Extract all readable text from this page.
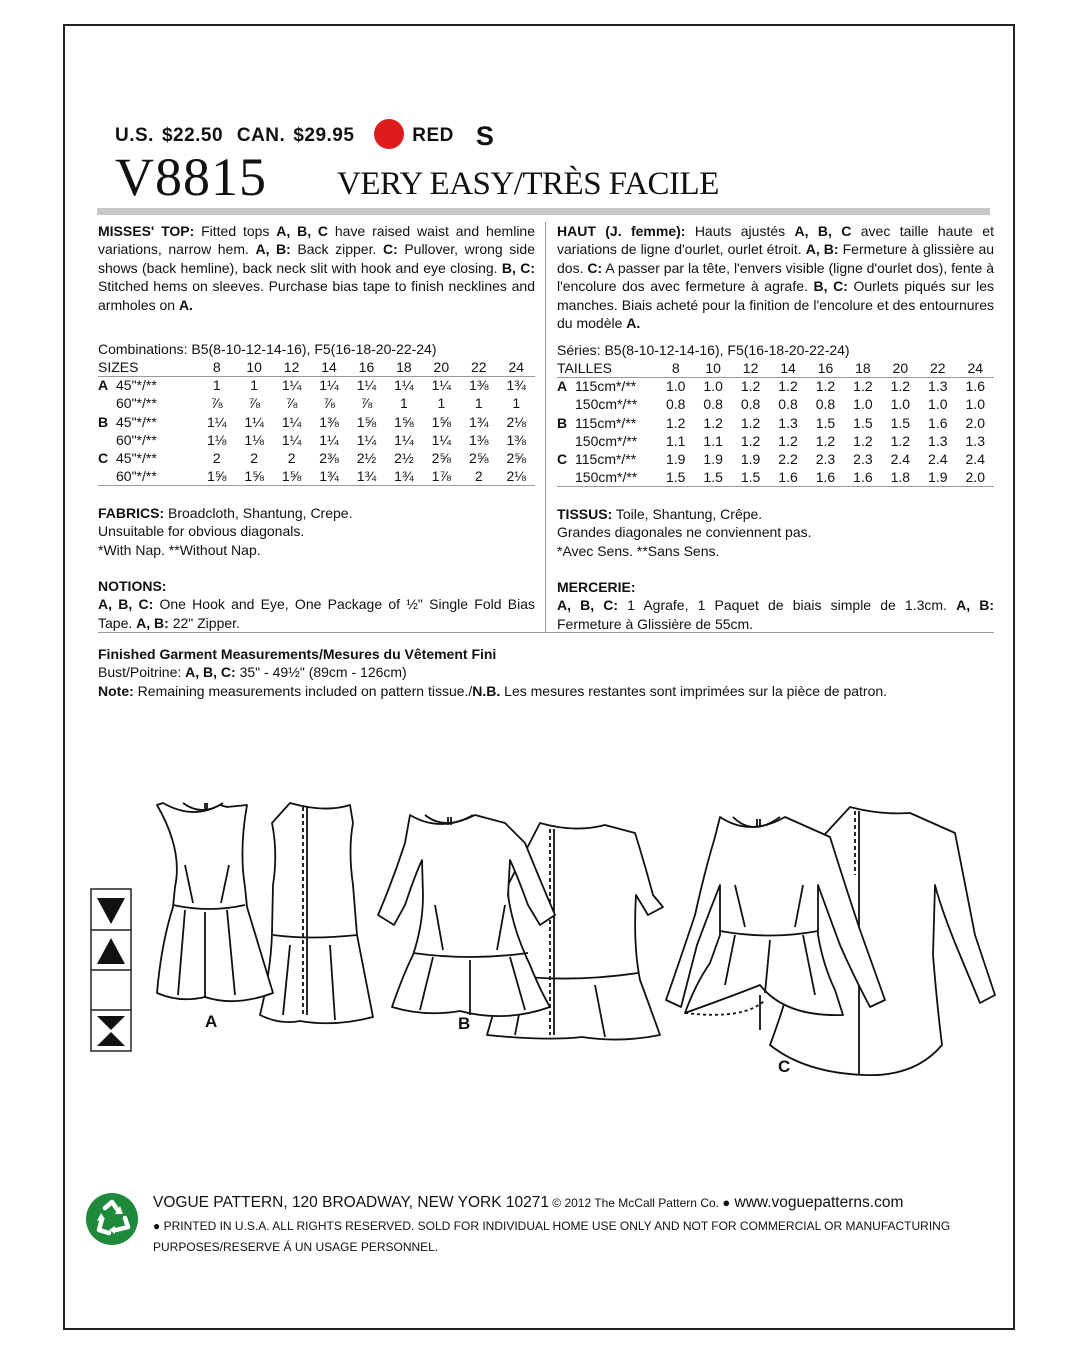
U.S. $22.50 CAN. $29.95	RED S
V8815 VERY EASY/TRÈS FACILE
MISSES' TOP: Fitted tops A, B, C have raised waist and hemline variations, narrow hem. A, B: Back zipper. C: Pullover, wrong side shows (back hemline), back neck slit with hook and eye closing. B, C: Stitched hems on sleeves. Purchase bias tape to finish necklines and armholes on A.
HAUT (J. femme): Hauts ajustés A, B, C avec taille haute et variations de ligne d'ourlet, ourlet étroit. A, B: Fermeture à glissière au dos. C: A passer par la tête, l'envers visible (ligne d'ourlet dos), fente à l'encolure dos avec fermeture à agrafe. B, C: Ourlets piqués sur les manches. Biais acheté pour la finition de l'encolure et des entournures du modèle A.
Combinations: B5(8-10-12-14-16), F5(16-18-20-22-24)	Séries: B5(8-10-12-14-16), F5(16-18-20-22-24)
SIZES		8	10	12	14	16	18	20	22	24
A	45"*/**	1	1	1¼	1¼	1¼	1¼	1¼	1⅜	1¾
	60"*/**	⅞	⅞	⅞	⅞	⅞	1	1	1	1
B	45"*/**	1¼	1¼	1¼	1⅜	1⅝	1⅝	1⅝	1¾	2⅛
	60"*/**	1⅛	1⅛	1¼	1¼	1¼	1¼	1¼	1⅜	1⅜
C	45"*/**	2	2	2	2⅜	2½	2½	2⅝	2⅝	2⅝
	60"*/**	1⅝	1⅝	1⅝	1¾	1¾	1¾	1⅞	2	2⅛
TAILLES		8	10	12	14	16	18	20	22	24
A	115cm*/**	1.0	1.0	1.2	1.2	1.2	1.2	1.2	1.3	1.6
	150cm*/**	0.8	0.8	0.8	0.8	0.8	1.0	1.0	1.0	1.0
B	115cm*/**	1.2	1.2	1.2	1.3	1.5	1.5	1.5	1.6	2.0
	150cm*/**	1.1	1.1	1.2	1.2	1.2	1.2	1.2	1.3	1.3
C	115cm*/**	1.9	1.9	1.9	2.2	2.3	2.3	2.4	2.4	2.4
	150cm*/**	1.5	1.5	1.5	1.6	1.6	1.6	1.8	1.9	2.0
FABRICS: Broadcloth, Shantung, Crepe.
Unsuitable for obvious diagonals.
*With Nap. **Without Nap.
TISSUS: Toile, Shantung, Crêpe.
Grandes diagonales ne conviennent pas.
*Avec Sens. **Sans Sens.
NOTIONS:
A, B, C: One Hook and Eye, One Package of ½" Single Fold Bias Tape. A, B: 22" Zipper.
MERCERIE:
A, B, C: 1 Agrafe, 1 Paquet de biais simple de 1.3cm. A, B: Fermeture à Glissière de 55cm.
Finished Garment Measurements/Mesures du Vêtement Fini
Bust/Poitrine: A, B, C: 35" - 49½" (89cm - 126cm)
Note: Remaining measurements included on pattern tissue./N.B. Les mesures restantes sont imprimées sur la pièce de patron.
A	B
C
VOGUE PATTERN, 120 BROADWAY, NEW YORK 10271 © 2012 The McCall Pattern Co. ● www.voguepatterns.com
● PRINTED IN U.S.A. ALL RIGHTS RESERVED. SOLD FOR INDIVIDUAL HOME USE ONLY AND NOT FOR COMMERCIAL OR MANUFACTURING PURPOSES/RESERVE Á UN USAGE PERSONNEL.
